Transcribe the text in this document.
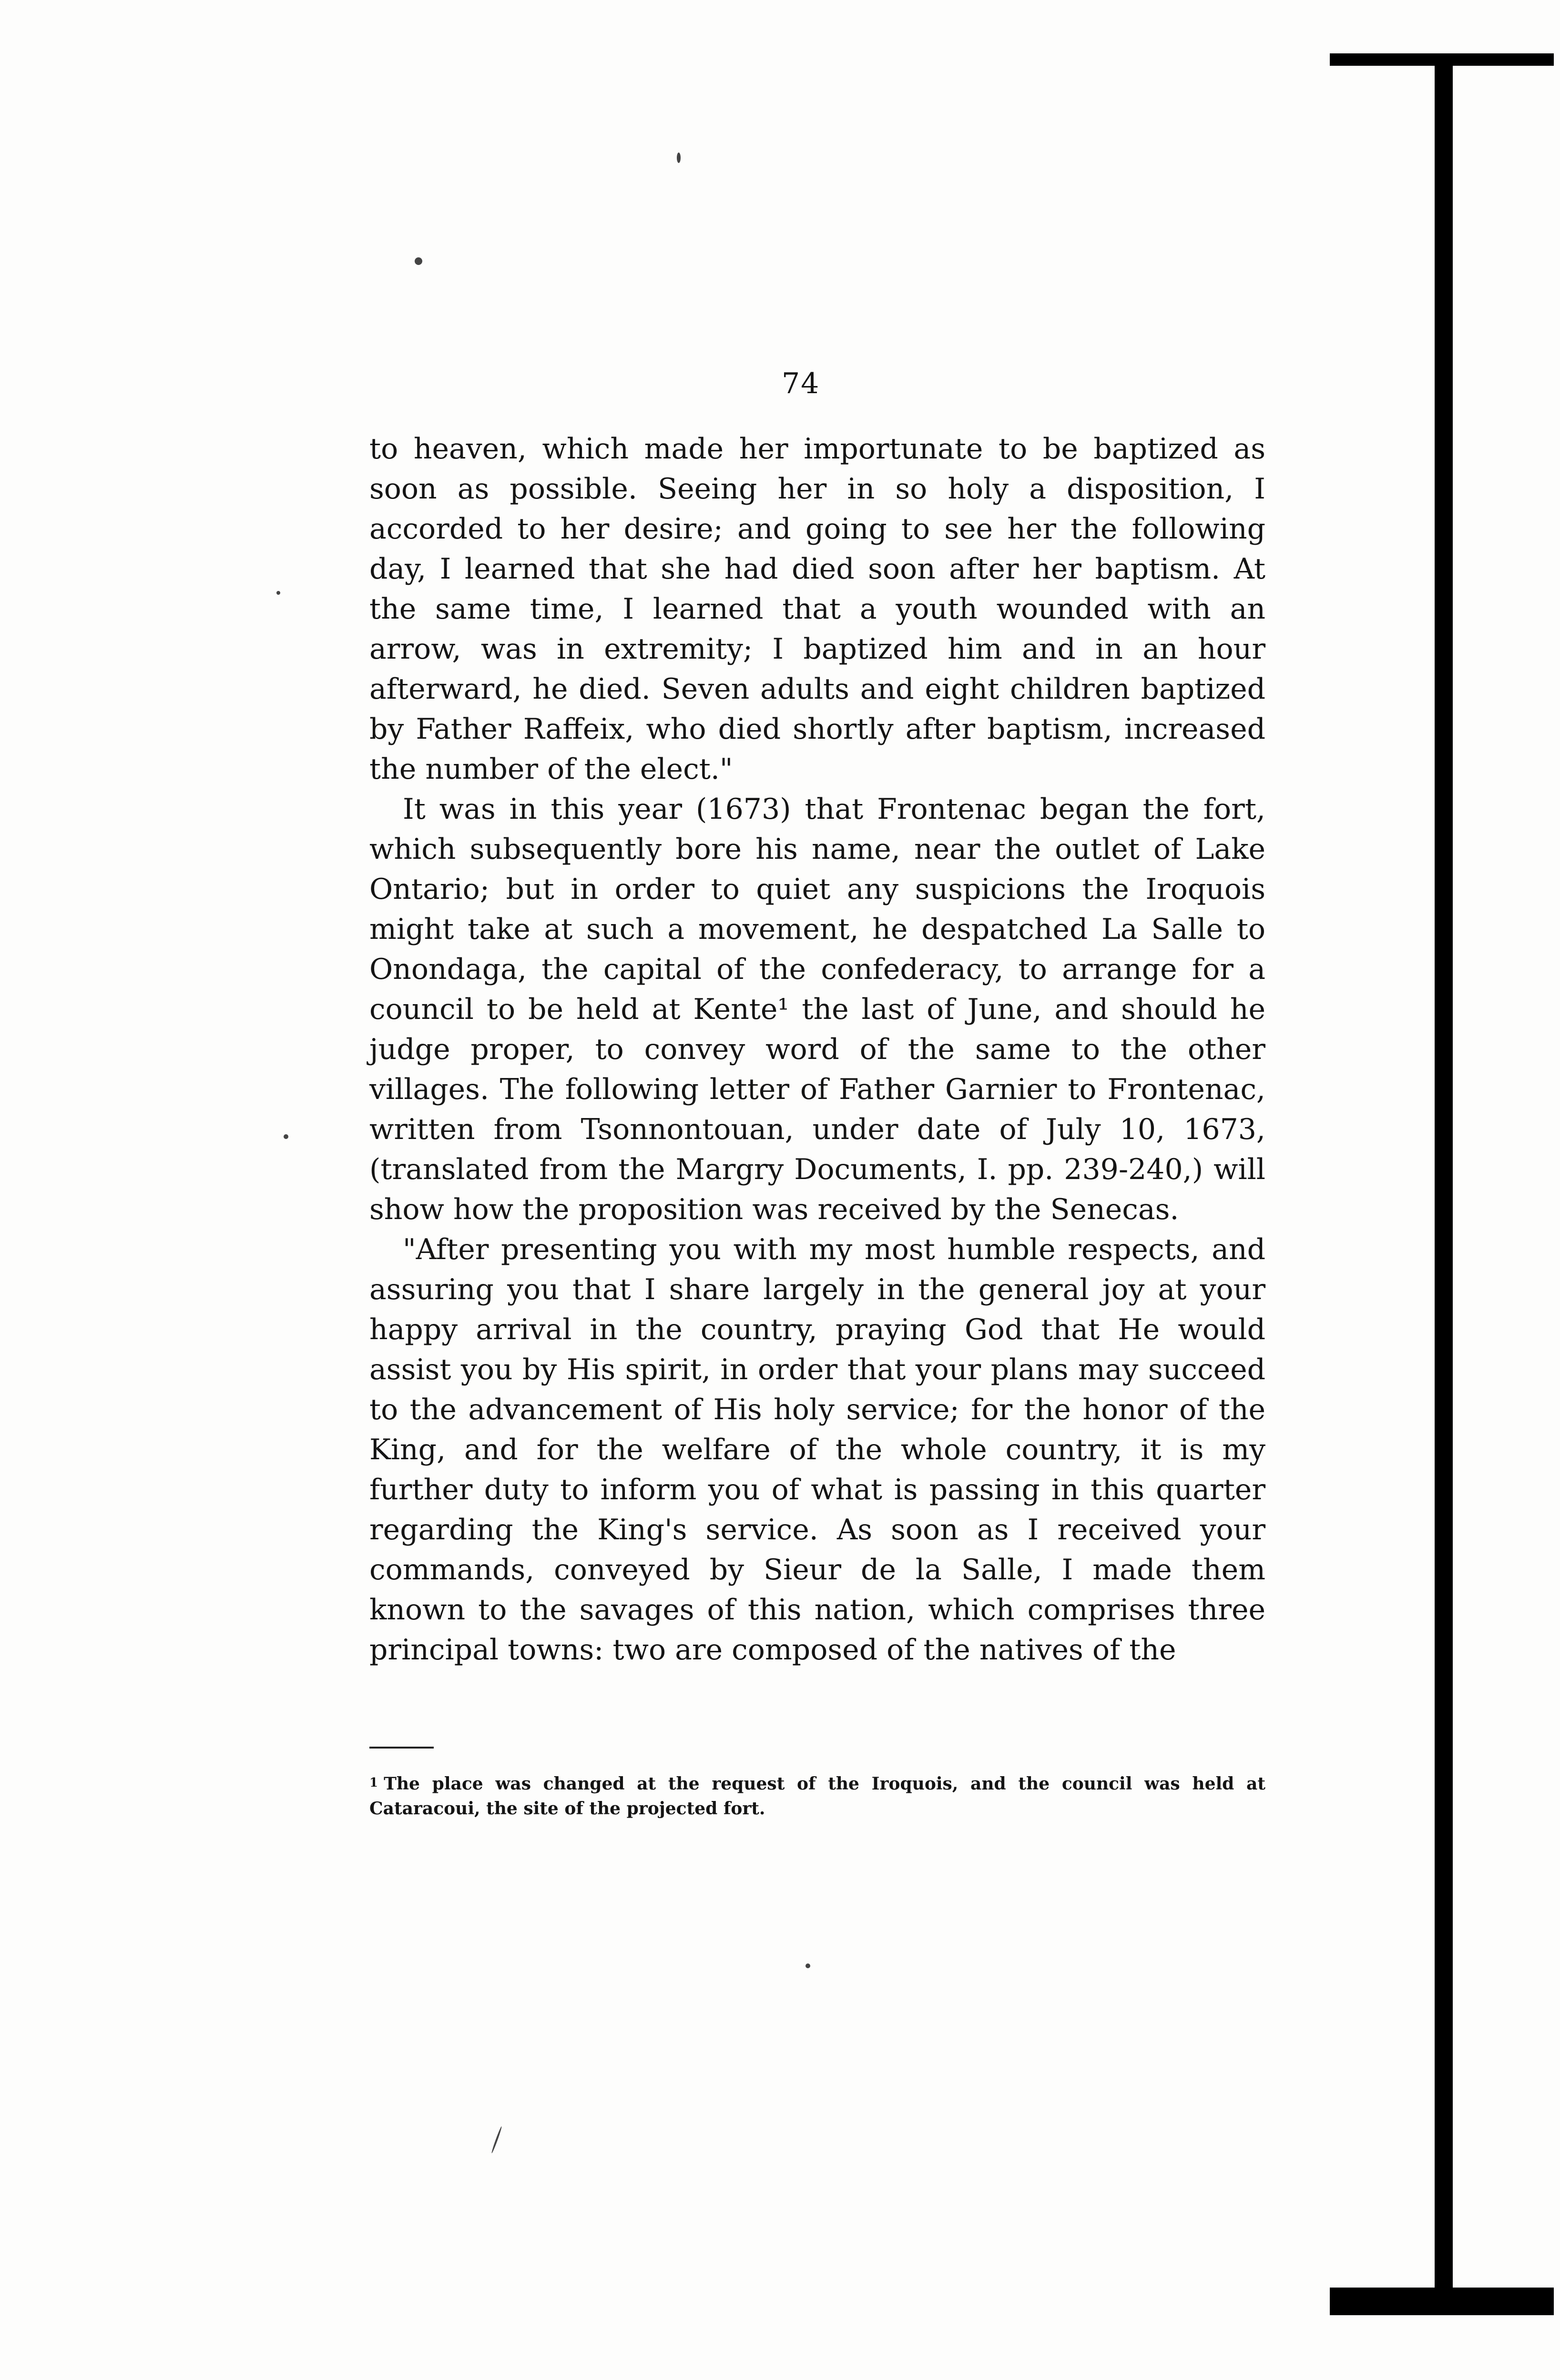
74

to heaven, which made her importunate to be baptized as soon as possible. Seeing her in so holy a disposition, I accorded to her desire; and going to see her the following day, I learned that she had died soon after her baptism. At the same time, I learned that a youth wounded with an arrow, was in extremity; I baptized him and in an hour afterward, he died. Seven adults and eight children baptized by Father Raffeix, who died shortly after baptism, increased the number of the elect."

It was in this year (1673) that Frontenac began the fort, which subsequently bore his name, near the outlet of Lake Ontario; but in order to quiet any suspicions the Iroquois might take at such a movement, he despatched La Salle to Onondaga, the capital of the confederacy, to arrange for a council to be held at Kente¹ the last of June, and should he judge proper, to convey word of the same to the other villages. The following letter of Father Garnier to Frontenac, written from Tsonnontouan, under date of July 10, 1673, (translated from the Margry Documents, I. pp. 239-240,) will show how the proposition was received by the Senecas.

"After presenting you with my most humble respects, and assuring you that I share largely in the general joy at your happy arrival in the country, praying God that He would assist you by His spirit, in order that your plans may succeed to the advancement of His holy service; for the honor of the King, and for the welfare of the whole country, it is my further duty to inform you of what is passing in this quarter regarding the King's service. As soon as I received your commands, conveyed by Sieur de la Salle, I made them known to the savages of this nation, which comprises three principal towns: two are composed of the natives of the

$^1$ The place was changed at the request of the Iroquois, and the council was held at Cataracoui, the site of the projected fort.
